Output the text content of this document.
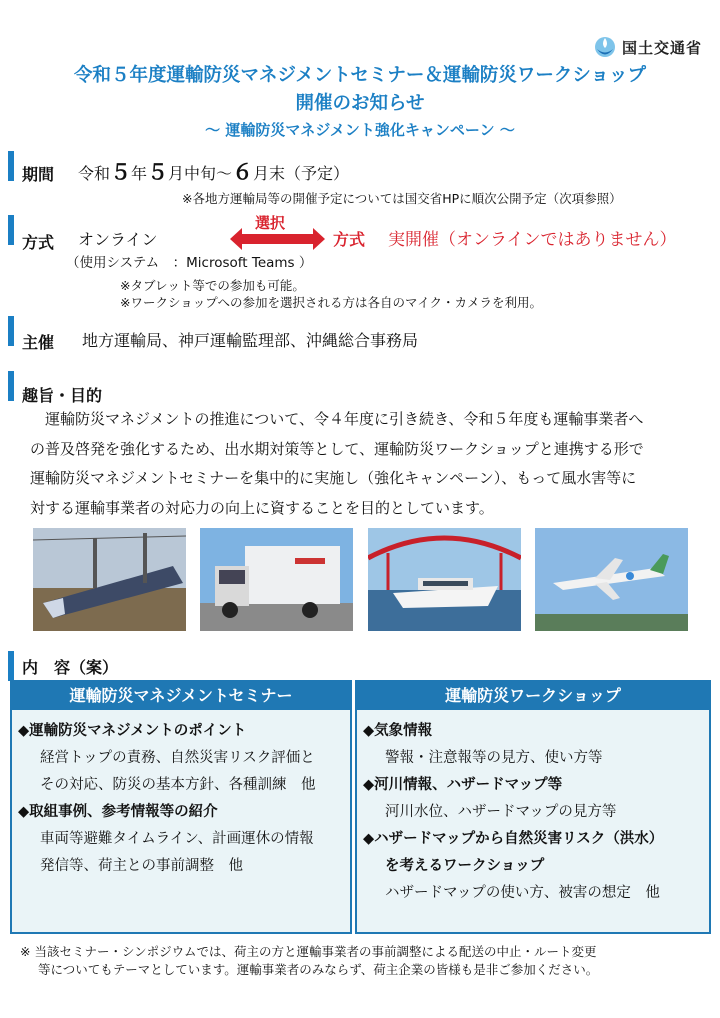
国土交通省
令和５年度運輸防災マネジメントセミナー＆運輸防災ワークショップ
開催のお知らせ
～ 運輸防災マネジメント強化キャンペーン ～
期間 令和５年５月中旬～６月末（予定）
※各地方運輸局等の開催予定については国交省HPに順次公開予定（次項参照）
方式 オンライン
選択
方式 実開催（オンラインではありません）
（使用システム　：Microsoft Teams ）
※タブレット等での参加も可能。
※ワークショップへの参加を選択される方は各自のマイク・カメラを利用。
主催 地方運輸局、神戸運輸監理部、沖縄総合事務局
趣旨・目的
　運輸防災マネジメントの推進について、令４年度に引き続き、令和５年度も運輸事業者へ
の普及啓発を強化するため、出水期対策等として、運輸防災ワークショップと連携する形で
運輸防災マネジメントセミナーを集中的に実施し（強化キャンペーン）、もって風水害等に
対する運輸事業者の対応力の向上に資することを目的としています。
内　容（案）
運輸防災マネジメントセミナー
◆運輸防災マネジメントのポイント
経営トップの責務、自然災害リスク評価と
その対応、防災の基本方針、各種訓練　他
◆取組事例、参考情報等の紹介
車両等避難タイムライン、計画運休の情報
発信等、荷主との事前調整　他
運輸防災ワークショップ
◆気象情報
警報・注意報等の見方、使い方等
◆河川情報、ハザードマップ等
河川水位、ハザードマップの見方等
◆ハザードマップから自然災害リスク（洪水）
を考えるワークショップ
ハザードマップの使い方、被害の想定　他
※ 当該セミナー・シンポジウムでは、荷主の方と運輸事業者の事前調整による配送の中止・ルート変更
等についてもテーマとしています。運輸事業者のみならず、荷主企業の皆様も是非ご参加ください。
